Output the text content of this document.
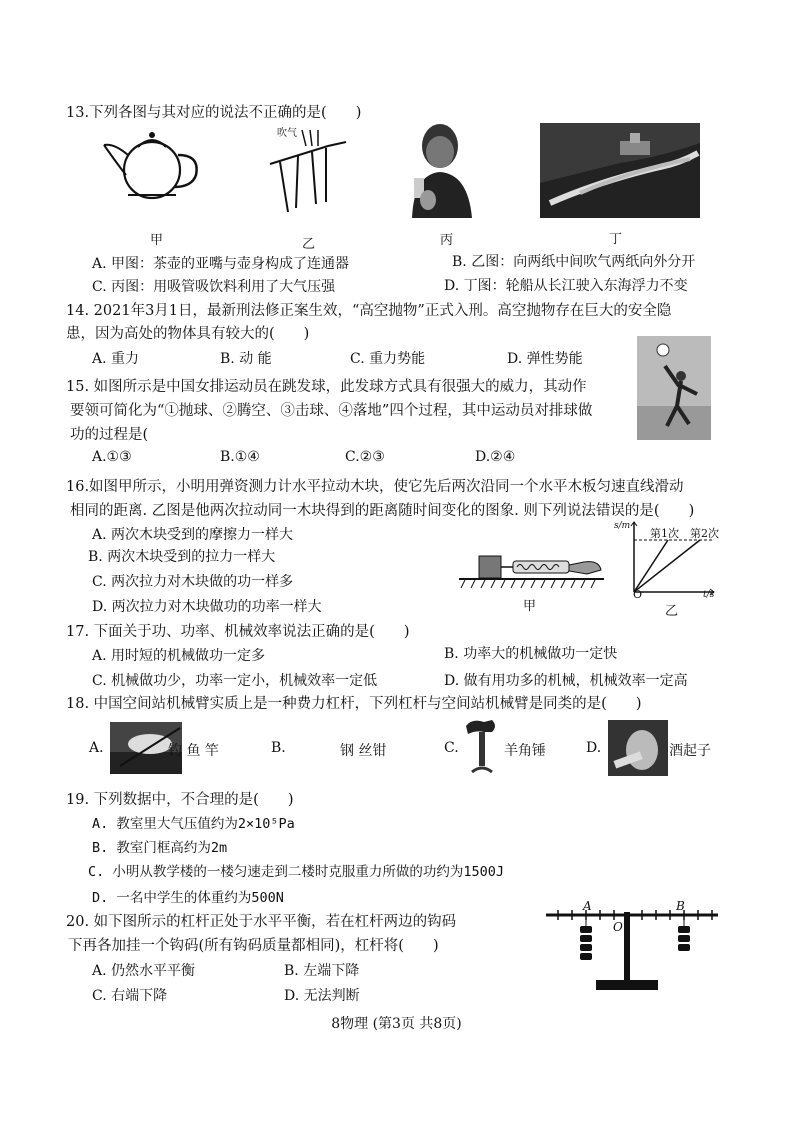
13.下列各图与其对应的说法不正确的是(　　)
甲
吹气
乙	丙	丁
A. 甲图：茶壶的亚嘴与壶身构成了连通器	B. 乙图：向两纸中间吹气两纸向外分开
C. 丙图：用吸管吸饮料利用了大气压强	D. 丁图：轮船从长江驶入东海浮力不变
14. 2021年3月1日，最新刑法修正案生效，“高空抛物”正式入刑。高空抛物存在巨大的安全隐
患，因为高处的物体具有较大的(　　)
A. 重力	B. 动 能	C. 重力势能	D. 弹性势能
15. 如图所示是中国女排运动员在跳发球，此发球方式具有很强大的威力，其动作
要领可简化为“①抛球、②腾空、③击球、④落地”四个过程，其中运动员对排球做
功的过程是(
A.①③	B.①④	C.②③	D.②④
16.如图甲所示，小明用弹资测力计水平拉动木块，使它先后两次沿同一个水平木板匀速直线滑动
相同的距离. 乙图是他两次拉动同一木块得到的距离随时间变化的图象. 则下列说法错误的是(　　)
A. 两次木块受到的摩擦力一样大
B. 两次木块受到的拉力一样大
C. 两次拉力对木块做的功一样多
D. 两次拉力对木块做功的功率一样大	甲
s/m
t/s
O
第1次 第2次
乙
17. 下面关于功、功率、机械效率说法正确的是(　　)
A. 用时短的机械做功一定多	B. 功率大的机械做功一定快
C. 机械做功少，功率一定小，机械效率一定低	D. 做有用功多的机械，机械效率一定高
18. 中国空间站机械臂实质上是一种费力杠杆，下列杠杆与空间站机械臂是同类的是(　　)
A.	钓 鱼 竿	B.	钢 丝钳	C.	羊角锤	D.	酒起子
19. 下列数据中，不合理的是(　　)
A. 教室里大气压值约为2×10⁵Pa
B. 教室门框高约为2m
C. 小明从教学楼的一楼匀速走到二楼时克服重力所做的功约为1500J
D. 一名中学生的体重约为500N
20. 如下图所示的杠杆正处于水平平衡，若在杠杆两边的钩码
下再各加挂一个钩码(所有钩码质量都相同)，杠杆将(　　)
A. 仍然水平平衡	B. 左端下降
C. 右端下降	D. 无法判断
A	B
O
8物理 (第3页 共8页)
